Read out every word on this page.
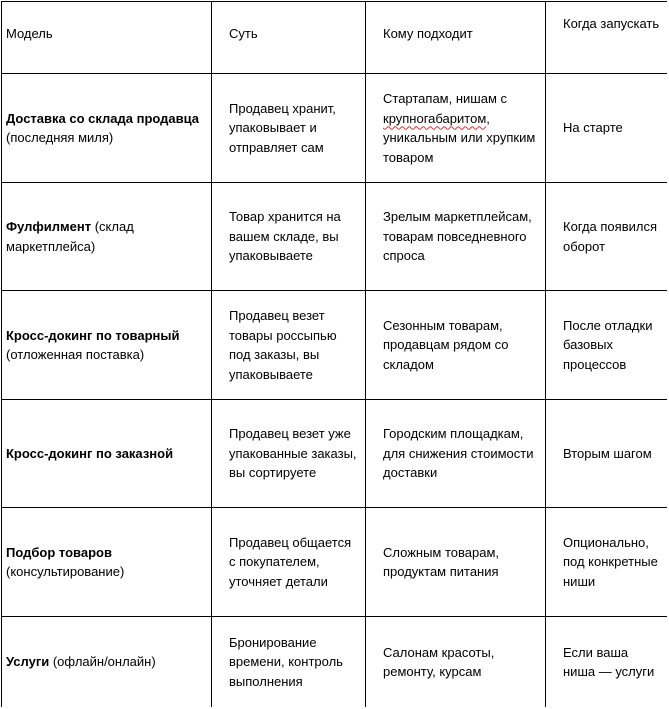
Модель	Суть	Кому подходит
Когда запускать
Доставка со склада продавца (последняя миля)
Продавец хранит, упаковывает и отправляет сам
Стартапам, нишам с крупногабаритом, уникальным или хрупким товаром
На старте
Фулфилмент (склад маркетплейса)
Товар хранится на вашем складе, вы упаковываете
Зрелым маркетплейсам, товарам повседневного спроса
Когда появился оборот
Кросс-докинг по товарный (отложенная поставка)
Продавец везет товары россыпью под заказы, вы упаковываете
Сезонным товарам, продавцам рядом со складом
После отладки базовых процессов
Кросс-докинг по заказной
Продавец везет уже упакованные заказы, вы сортируете
Городским площадкам, для снижения стоимости доставки
Вторым шагом
Подбор товаров (консультирование)
Продавец общается с покупателем, уточняет детали
Сложным товарам, продуктам питания
Опционально, под конкретные ниши
Услуги (офлайн/онлайн)
Бронирование времени, контроль выполнения
Салонам красоты, ремонту, курсам
Если ваша ниша — услуги
